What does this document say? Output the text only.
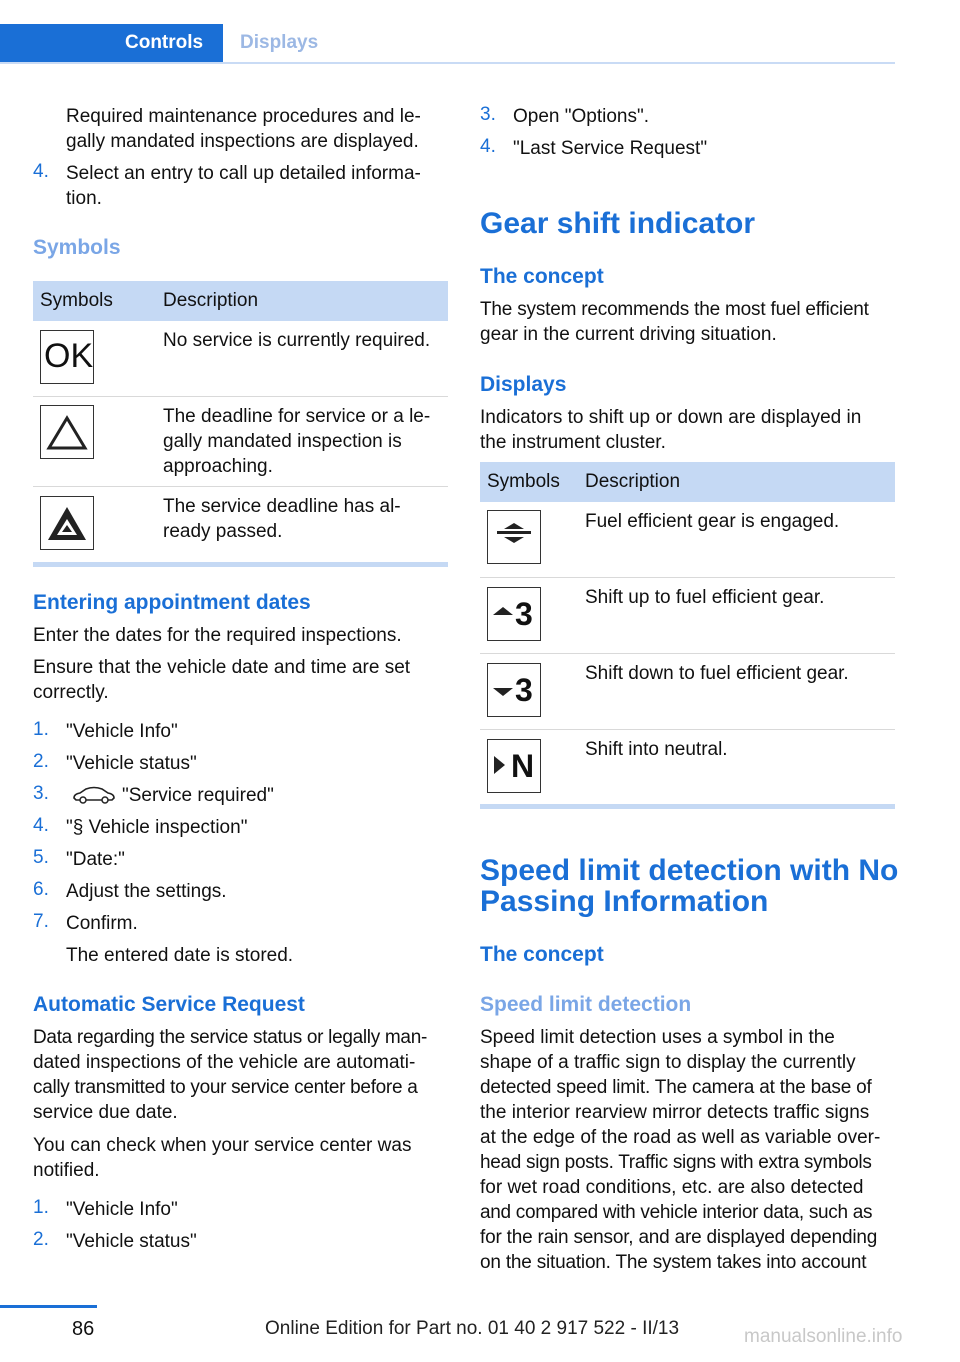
Controls	Displays
Required maintenance procedures and le-
gally mandated inspections are displayed.
4. Select an entry to call up detailed informa-
tion.
Symbols
Symbols	Description
OK	No service is currently required.
The deadline for service or a le-
gally mandated inspection is
approaching.
The service deadline has al-
ready passed.
Entering appointment dates
Enter the dates for the required inspections.
Ensure that the vehicle date and time are set
correctly.
1. "Vehicle Info"
2. "Vehicle status"
3.	"Service required"
4. "§ Vehicle inspection"
5. "Date:"
6. Adjust the settings.
7. Confirm.
The entered date is stored.
Automatic Service Request
Data regarding the service status or legally man-
dated inspections of the vehicle are automati-
cally transmitted to your service center before a
service due date.
You can check when your service center was
notified.
1. "Vehicle Info"
2. "Vehicle status"
3. Open "Options".
4. "Last Service Request"
Gear shift indicator
The concept
The system recommends the most fuel efficient
gear in the current driving situation.
Displays
Indicators to shift up or down are displayed in
the instrument cluster.
Symbols Description
Fuel efficient gear is engaged.
3	Shift up to fuel efficient gear.
3	Shift down to fuel efficient gear.
N	Shift into neutral.
Speed limit detection with No
Passing Information
The concept
Speed limit detection
Speed limit detection uses a symbol in the
shape of a traffic sign to display the currently
detected speed limit. The camera at the base of
the interior rearview mirror detects traffic signs
at the edge of the road as well as variable over-
head sign posts. Traffic signs with extra symbols
for wet road conditions, etc. are also detected
and compared with vehicle interior data, such as
for the rain sensor, and are displayed depending
on the situation. The system takes into account
86	Online Edition for Part no. 01 40 2 917 522 - II/13	manualsonline.info
